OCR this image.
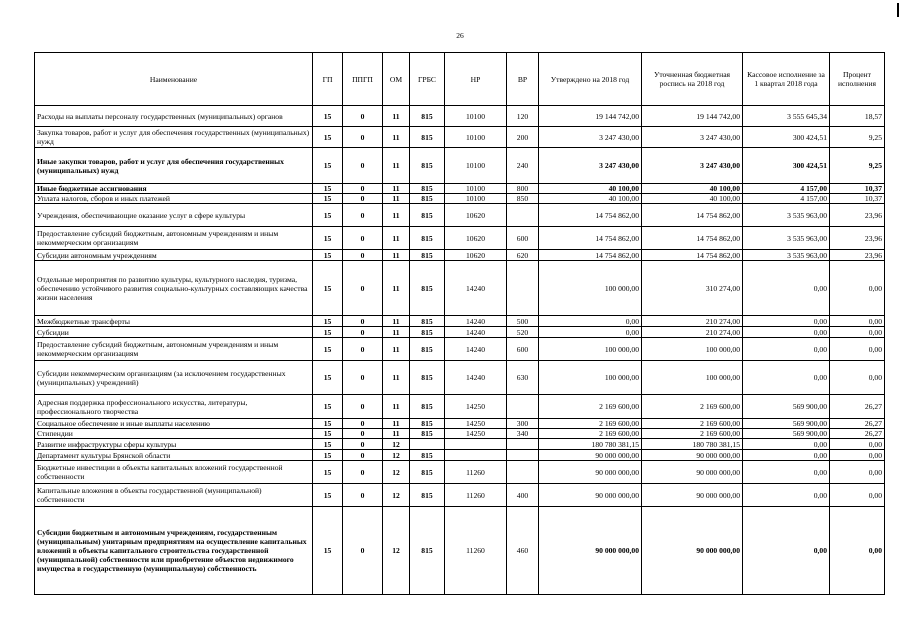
26
Наименование	ГП	ППГП	ОМ	ГРБС	НР	ВР	Утверждено на 2018 год	Уточненная бюджетная роспись на 2018 год	Кассовое исполнение за 1 квартал 2018 года	Процент исполнения
Расходы на выплаты персоналу государственных (муниципальных) органов	15	0	11	815	10100	120	19 144 742,00	19 144 742,00	3 555 645,34	18,57
Закупка товаров, работ и услуг для обеспечения государственных (муниципальных) нужд	15	0	11	815	10100	200	3 247 430,00	3 247 430,00	300 424,51	9,25
Иные закупки товаров, работ и услуг для обеспечения государственных (муниципальных) нужд	15	0	11	815	10100	240	3 247 430,00	3 247 430,00	300 424,51	9,25
Иные бюджетные ассигнования	15	0	11	815	10100	800	40 100,00	40 100,00	4 157,00	10,37
Уплата налогов, сборов и иных платежей	15	0	11	815	10100	850	40 100,00	40 100,00	4 157,00	10,37
Учреждения, обеспечивающие оказание услуг в сфере культуры	15	0	11	815	10620		14 754 862,00	14 754 862,00	3 535 963,00	23,96
Предоставление субсидий бюджетным, автономным учреждениям и иным некоммерческим организациям	15	0	11	815	10620	600	14 754 862,00	14 754 862,00	3 535 963,00	23,96
Субсидии автономным учреждениям	15	0	11	815	10620	620	14 754 862,00	14 754 862,00	3 535 963,00	23,96
Отдельные мероприятия по развитию культуры, культурного наследия, туризма, обеспечению устойчивого развития социально-культурных составляющих качества жизни населения	15	0	11	815	14240		100 000,00	310 274,00	0,00	0,00
Межбюджетные трансферты	15	0	11	815	14240	500	0,00	210 274,00	0,00	0,00
Субсидии	15	0	11	815	14240	520	0,00	210 274,00	0,00	0,00
Предоставление субсидий бюджетным, автономным учреждениям и иным некоммерческим организациям	15	0	11	815	14240	600	100 000,00	100 000,00	0,00	0,00
Субсидии некоммерческим организациям (за исключением государственных (муниципальных) учреждений)	15	0	11	815	14240	630	100 000,00	100 000,00	0,00	0,00
Адресная поддержка профессионального искусства, литературы, профессионального творчества	15	0	11	815	14250		2 169 600,00	2 169 600,00	569 900,00	26,27
Социальное обеспечение и иные выплаты населению	15	0	11	815	14250	300	2 169 600,00	2 169 600,00	569 900,00	26,27
Стипендии	15	0	11	815	14250	340	2 169 600,00	2 169 600,00	569 900,00	26,27
Развитие инфраструктуры сферы культуры	15	0	12				180 780 381,15	180 780 381,15	0,00	0,00
Департамент культуры Брянской области	15	0	12	815			90 000 000,00	90 000 000,00	0,00	0,00
Бюджетные инвестиции в объекты капитальных вложений государственной собственности	15	0	12	815	11260		90 000 000,00	90 000 000,00	0,00	0,00
Капитальные вложения в объекты государственной (муниципальной) собственности	15	0	12	815	11260	400	90 000 000,00	90 000 000,00	0,00	0,00
Субсидии бюджетным и автономным учреждениям, государственным (муниципальным) унитарным предприятиям на осуществление капитальных вложений в объекты капитального строительства государственной (муниципальной) собственности или приобретение объектов недвижимого имущества в государственную (муниципальную) собственность	15	0	12	815	11260	460	90 000 000,00	90 000 000,00	0,00	0,00
